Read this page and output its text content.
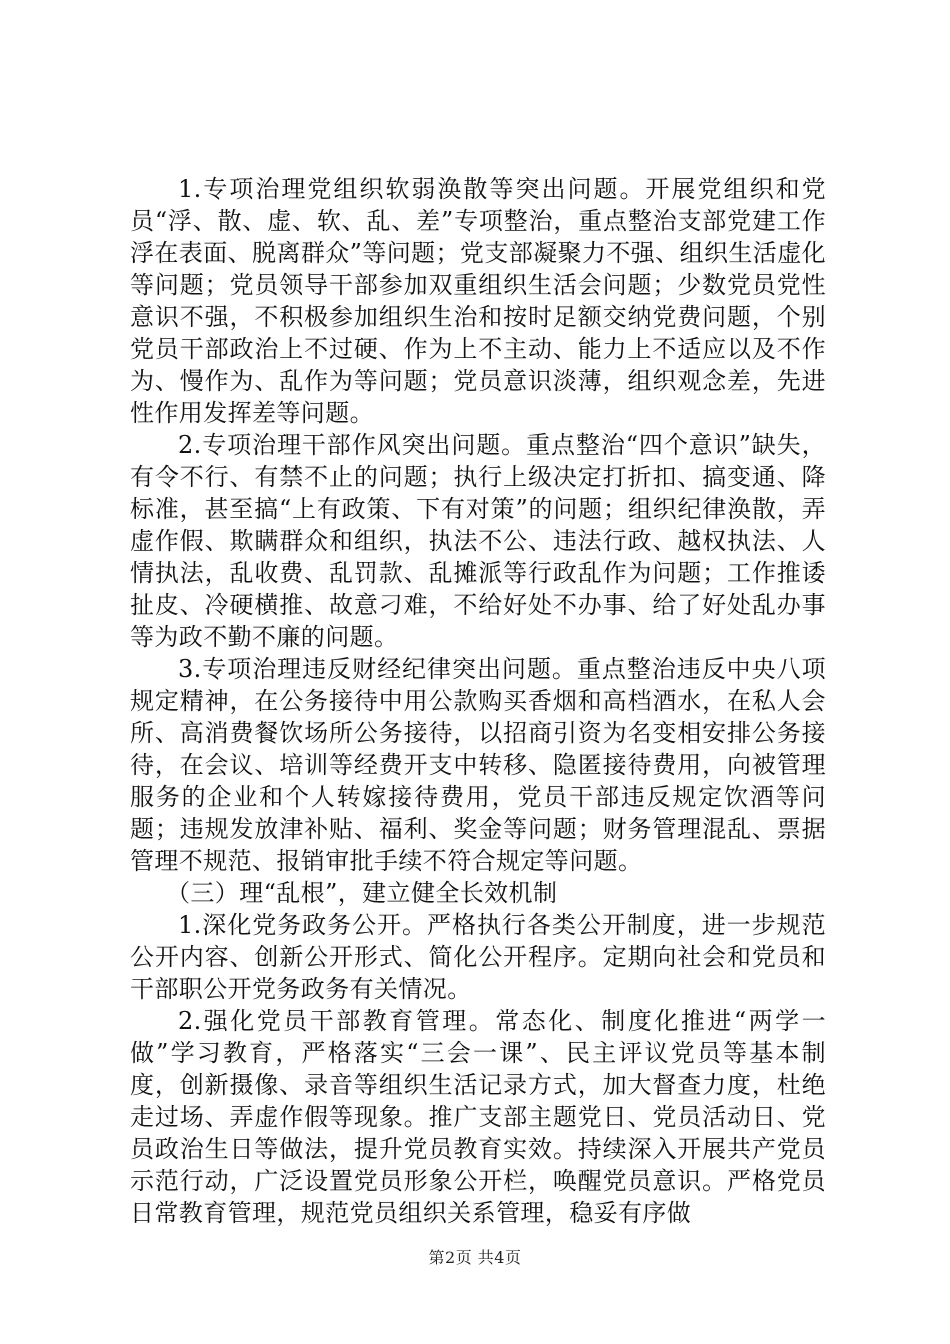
1.专项治理党组织软弱涣散等突出问题。开展党组织和党员“浮、散、虚、软、乱、差”专项整治，重点整治支部党建工作浮在表面、脱离群众”等问题；党支部凝聚力不强、组织生活虚化等问题；党员领导干部参加双重组织生活会问题；少数党员党性意识不强，不积极参加组织生治和按时足额交纳党费问题，个别党员干部政治上不过硬、作为上不主动、能力上不适应以及不作为、慢作为、乱作为等问题；党员意识淡薄，组织观念差，先进性作用发挥差等问题。

2.专项治理干部作风突出问题。重点整治“四个意识”缺失，有令不行、有禁不止的问题；执行上级决定打折扣、搞变通、降标准，甚至搞“上有政策、下有对策”的问题；组织纪律涣散，弄虚作假、欺瞒群众和组织，执法不公、违法行政、越权执法、人情执法，乱收费、乱罚款、乱摊派等行政乱作为问题；工作推诿扯皮、冷硬横推、故意刁难，不给好处不办事、给了好处乱办事等为政不勤不廉的问题。

3.专项治理违反财经纪律突出问题。重点整治违反中央八项规定精神，在公务接待中用公款购买香烟和高档酒水，在私人会所、高消费餐饮场所公务接待，以招商引资为名变相安排公务接待，在会议、培训等经费开支中转移、隐匿接待费用，向被管理服务的企业和个人转嫁接待费用，党员干部违反规定饮酒等问题；违规发放津补贴、福利、奖金等问题；财务管理混乱、票据管理不规范、报销审批手续不符合规定等问题。

（三）理“乱根”，建立健全长效机制

1.深化党务政务公开。严格执行各类公开制度，进一步规范公开内容、创新公开形式、简化公开程序。定期向社会和党员和干部职公开党务政务有关情况。

2.强化党员干部教育管理。常态化、制度化推进“两学一做”学习教育，严格落实“三会一课”、民主评议党员等基本制度，创新摄像、录音等组织生活记录方式，加大督查力度，杜绝走过场、弄虚作假等现象。推广支部主题党日、党员活动日、党员政治生日等做法，提升党员教育实效。持续深入开展共产党员示范行动，广泛设置党员形象公开栏，唤醒党员意识。严格党员日常教育管理，规范党员组织关系管理，稳妥有序做

第2页 共4页
